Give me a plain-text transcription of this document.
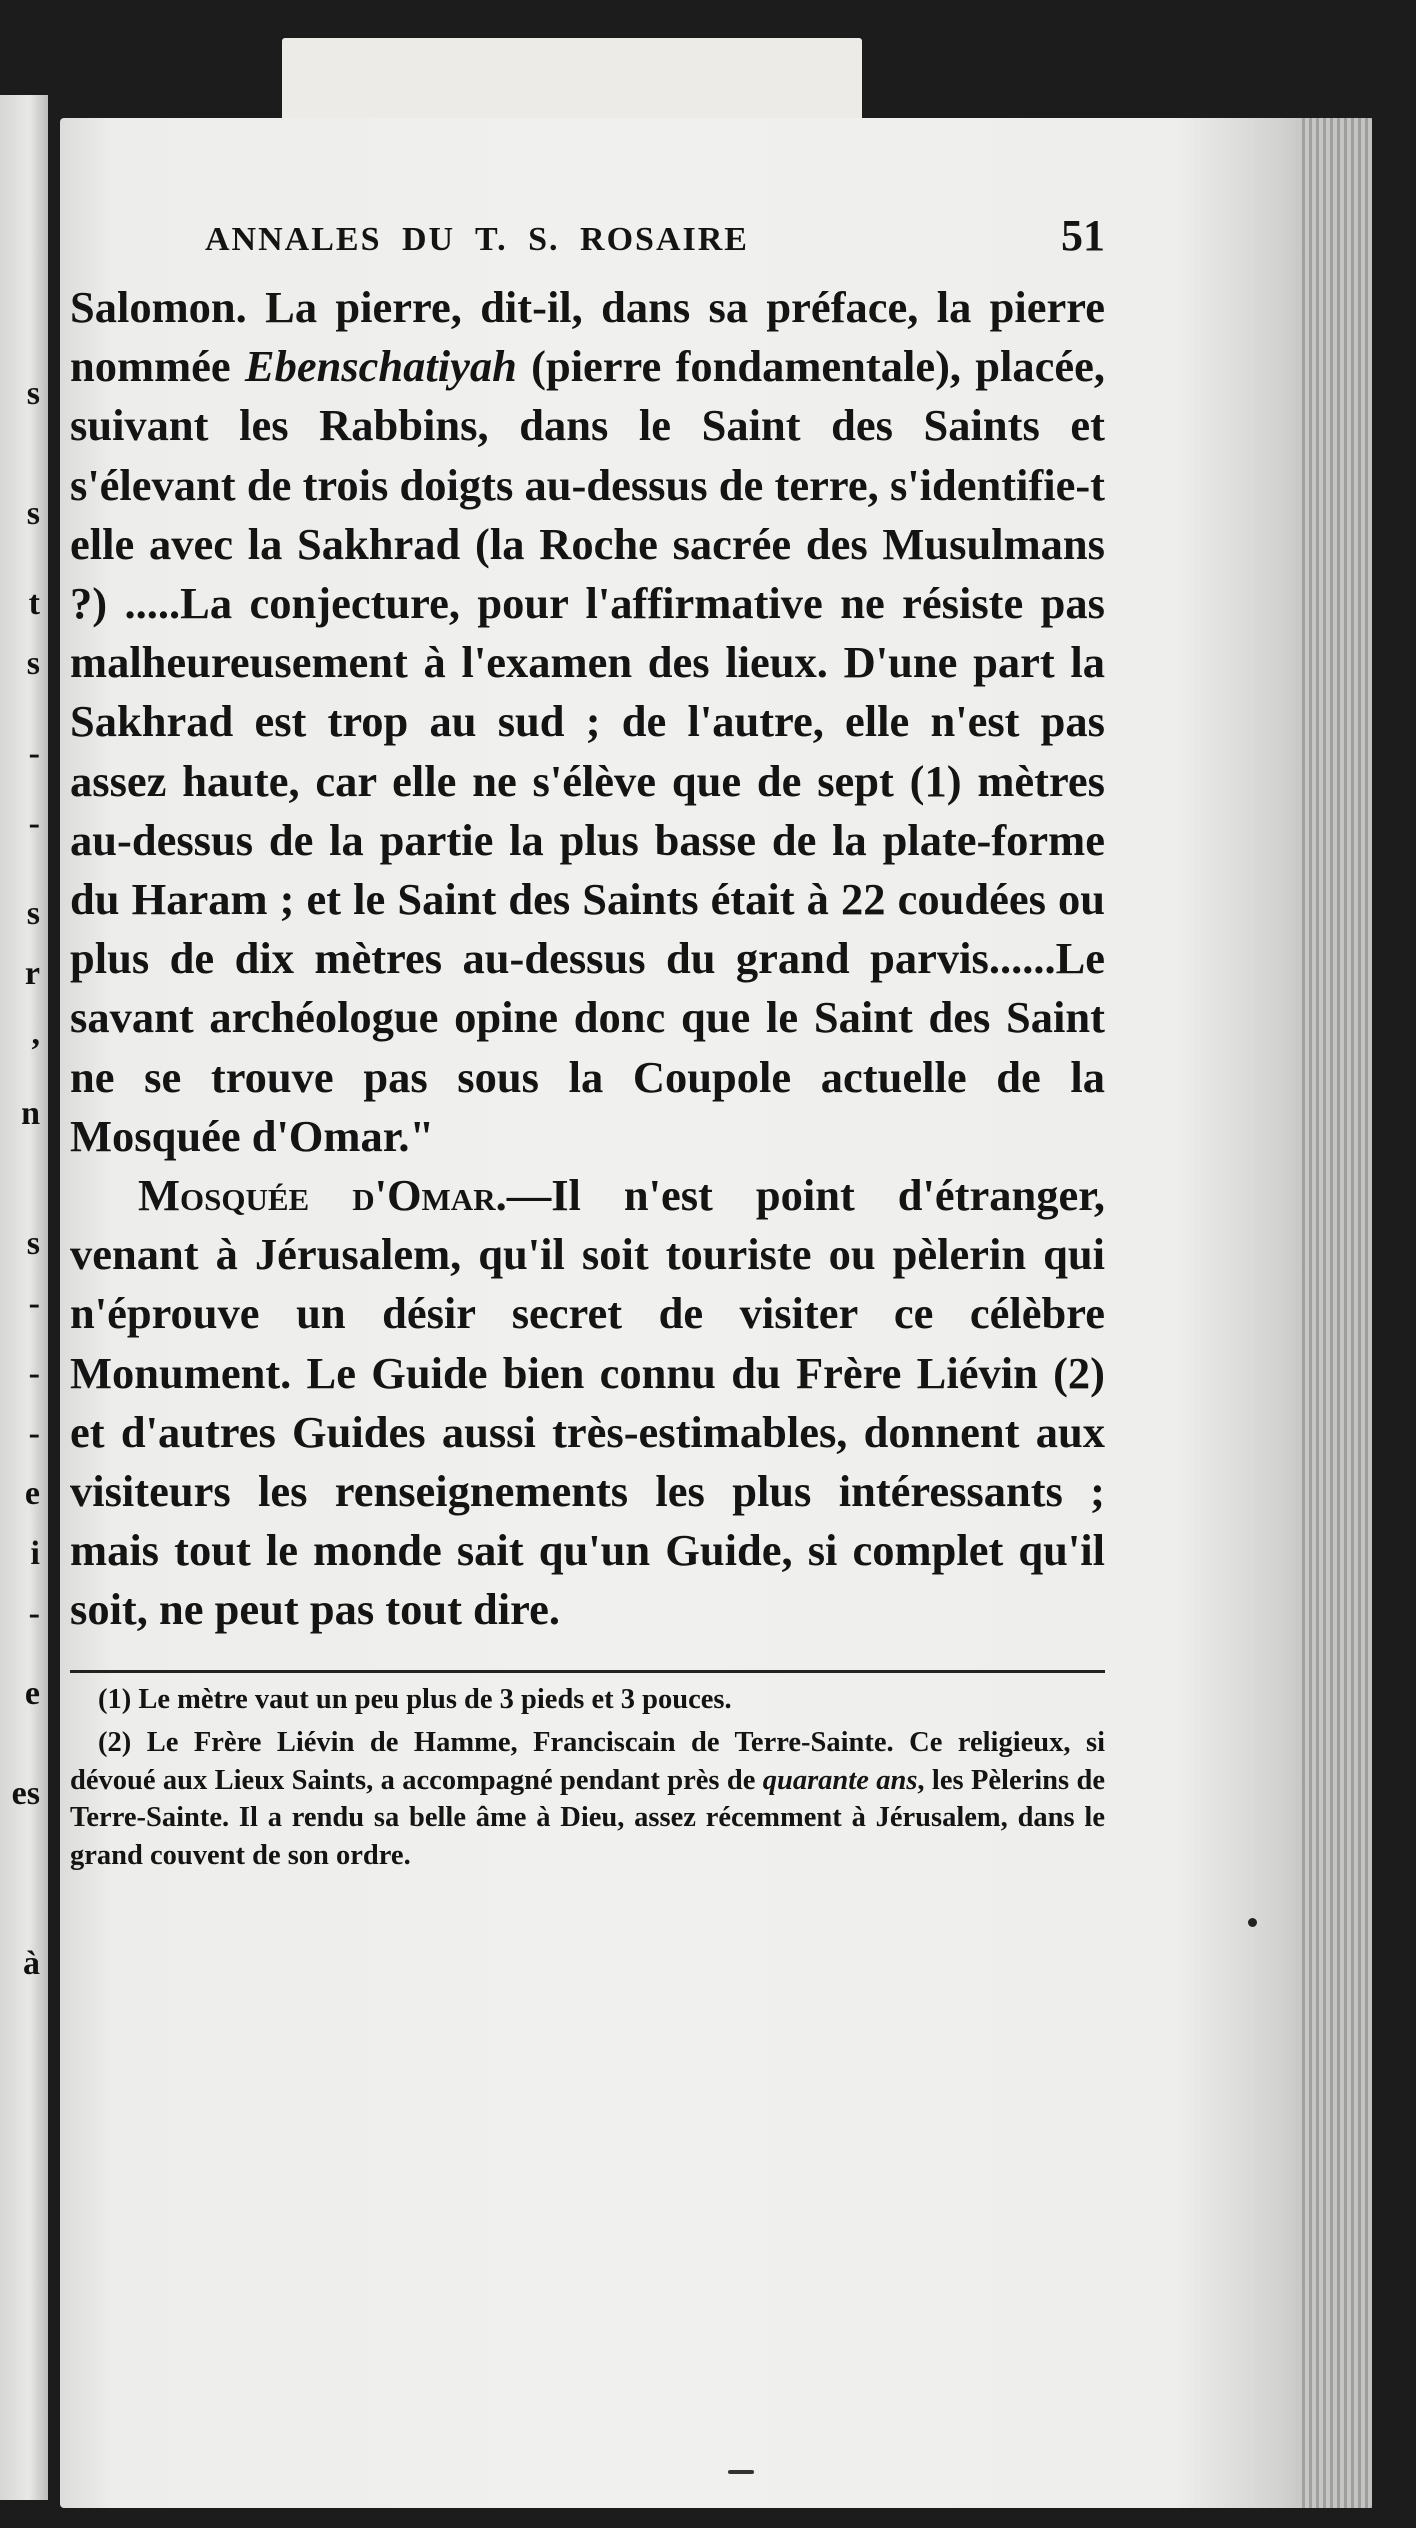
s
s
t
s
-
-
s
r
,
n
s
-
-
-
e
i
-
e
es
à
ANNALES DU T. S. ROSAIRE	51

Salomon. La pierre, dit-il, dans sa préface, la pierre nommée Ebenschatiyah (pierre fondamentale), placée, suivant les Rabbins, dans le Saint des Saints et s'élevant de trois doigts au-dessus de terre, s'identifie-t elle avec la Sakhrad (la Roche sacrée des Musulmans ?) .....La conjecture, pour l'affirmative ne résiste pas malheureusement à l'examen des lieux. D'une part la Sakhrad est trop au sud ; de l'autre, elle n'est pas assez haute, car elle ne s'élève que de sept (1) mètres au-dessus de la partie la plus basse de la plate-forme du Haram ; et le Saint des Saints était à 22 coudées ou plus de dix mètres au-dessus du grand parvis......Le savant archéologue opine donc que le Saint des Saint ne se trouve pas sous la Coupole actuelle de la Mosquée d'Omar."

Mosquée d'Omar.—Il n'est point d'étranger, venant à Jérusalem, qu'il soit touriste ou pèlerin qui n'éprouve un désir secret de visiter ce célèbre Monument. Le Guide bien connu du Frère Liévin (2) et d'autres Guides aussi très-estimables, donnent aux visiteurs les renseignements les plus intéressants ; mais tout le monde sait qu'un Guide, si complet qu'il soit, ne peut pas tout dire.

(1) Le mètre vaut un peu plus de 3 pieds et 3 pouces.

(2) Le Frère Liévin de Hamme, Franciscain de Terre-Sainte. Ce religieux, si dévoué aux Lieux Saints, a accompagné pendant près de quarante ans, les Pèlerins de Terre-Sainte. Il a rendu sa belle âme à Dieu, assez récemment à Jérusalem, dans le grand couvent de son ordre.
